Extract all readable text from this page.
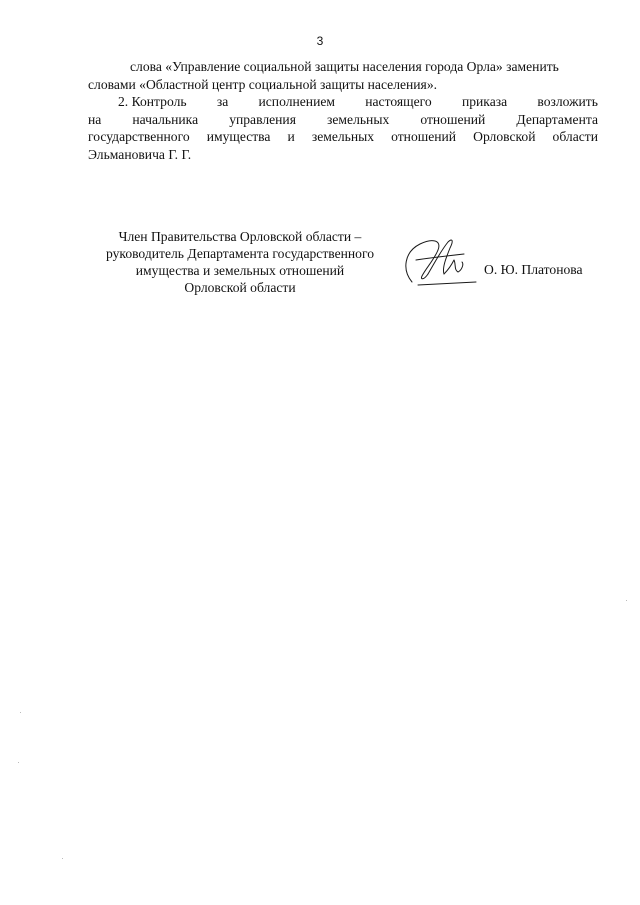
3
слова «Управление социальной защиты населения города Орла» заменить
словами «Областной центр социальной защиты населения».
2. Контроль за исполнением настоящего приказа возложить
на начальника управления земельных отношений Департамента
государственного имущества и земельных отношений Орловской области
Эльмановича Г. Г.
Член Правительства Орловской области –
руководитель Департамента государственного
имущества и земельных отношений
Орловской области
О. Ю. Платонова
